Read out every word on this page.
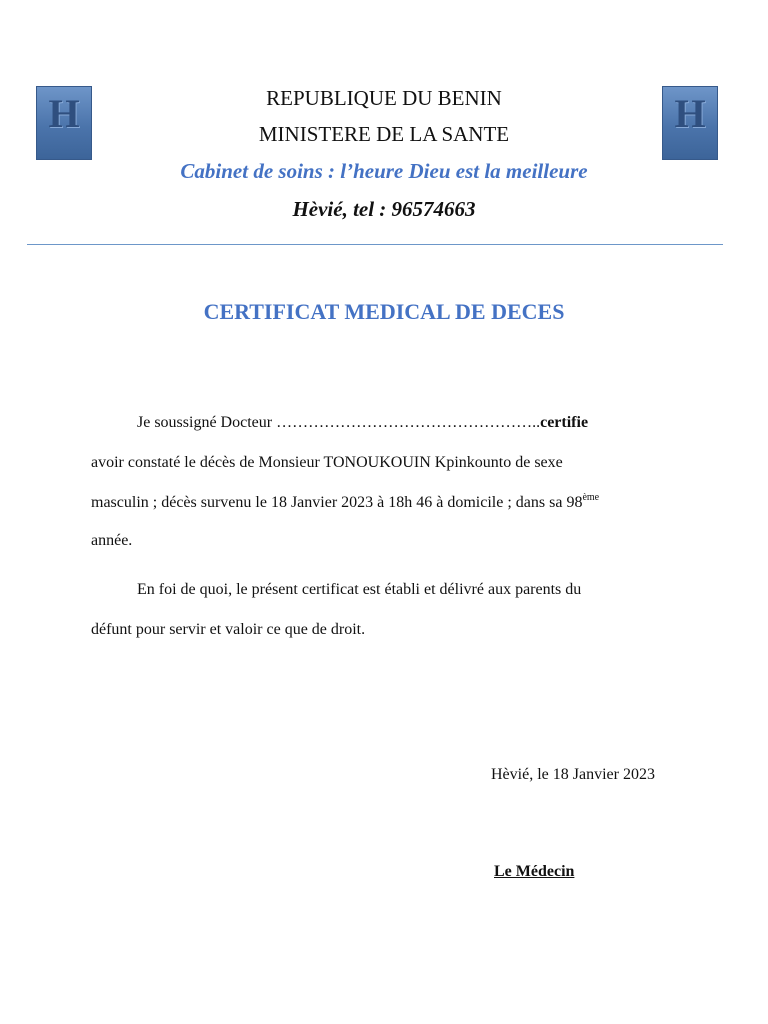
H	H
REPUBLIQUE DU BENIN
MINISTERE DE LA SANTE
Cabinet de soins : l’heure Dieu est la meilleure
Hèvié, tel : 96574663
CERTIFICAT MEDICAL DE DECES
Je soussigné Docteur …………………………………………..certifie
avoir constaté le décès de Monsieur TONOUKOUIN Kpinkounto de sexe
masculin ; décès survenu le 18 Janvier 2023 à 18h 46 à domicile ; dans sa 98ème
année.
En foi de quoi, le présent certificat est établi et délivré aux parents du
défunt pour servir et valoir ce que de droit.
Hèvié, le 18 Janvier 2023
Le Médecin
